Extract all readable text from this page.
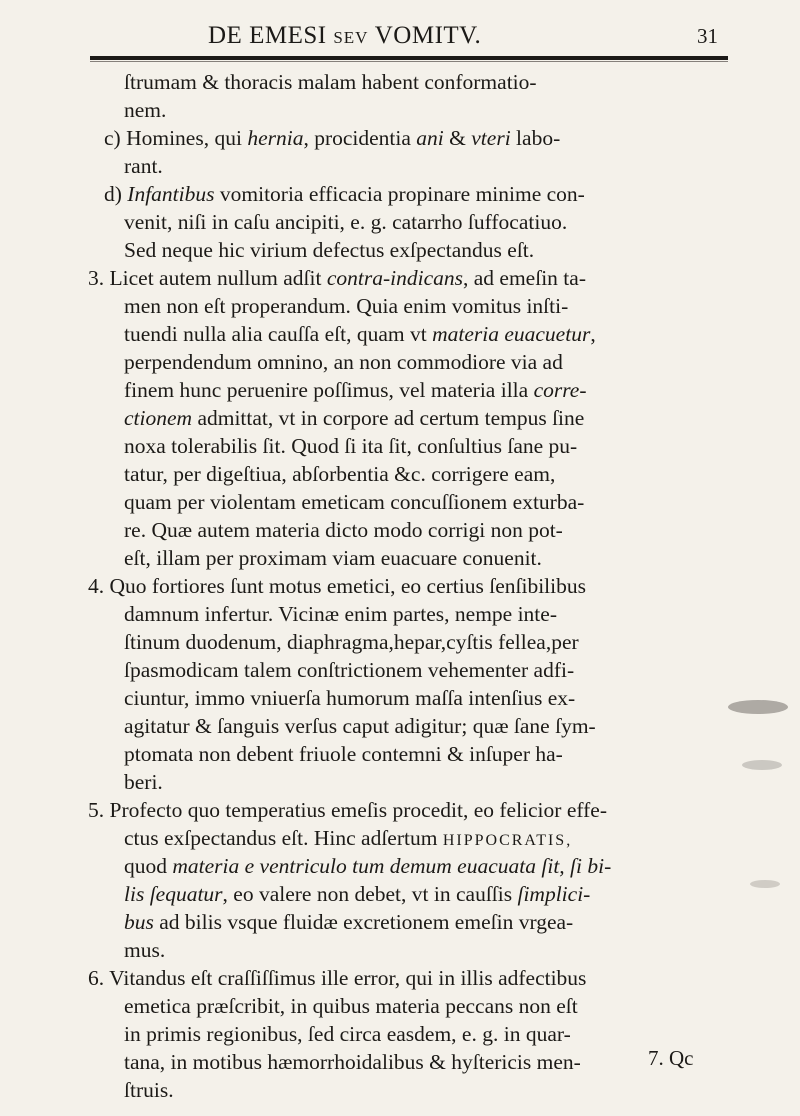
DE EMESI SEV VOMITV.	31
ſtrumam & thoracis malam habent conformatio-
nem.
c) Homines, qui hernia, procidentia ani & vteri labo-
rant.
d) Infantibus vomitoria efficacia propinare minime con-
venit, niſi in caſu ancipiti, e. g. catarrho ſuffocatiuo.
Sed neque hic virium defectus exſpectandus eſt.
3. Licet autem nullum adſit contra-indicans, ad emeſin ta-
men non eſt properandum. Quia enim vomitus inſti-
tuendi nulla alia cauſſa eſt, quam vt materia euacuetur,
perpendendum omnino, an non commodiore via ad
finem hunc peruenire poſſimus, vel materia illa corre-
ctionem admittat, vt in corpore ad certum tempus ſine
noxa tolerabilis ſit. Quod ſi ita ſit, conſultius ſane pu-
tatur, per digeſtiua, abſorbentia &c. corrigere eam,
quam per violentam emeticam concuſſionem exturba-
re. Quæ autem materia dicto modo corrigi non pot-
eſt, illam per proximam viam euacuare conuenit.
4. Quo fortiores ſunt motus emetici, eo certius ſenſibilibus
damnum infertur. Vicinæ enim partes, nempe inte-
ſtinum duodenum, diaphragma,hepar,cyſtis fellea,per
ſpasmodicam talem conſtrictionem vehementer adfi-
ciuntur, immo vniuerſa humorum maſſa intenſius ex-
agitatur & ſanguis verſus caput adigitur; quæ ſane ſym-
ptomata non debent friuole contemni & inſuper ha-
beri.
5. Profecto quo temperatius emeſis procedit, eo felicior effe-
ctus exſpectandus eſt. Hinc adſertum HIPPOCRATIS,
quod materia e ventriculo tum demum euacuata ſit, ſi bi-
lis ſequatur, eo valere non debet, vt in cauſſis ſimplici-
bus ad bilis vsque fluidæ excretionem emeſin vrgea-
mus.
6. Vitandus eſt craſſiſſimus ille error, qui in illis adfectibus
emetica præſcribit, in quibus materia peccans non eſt
in primis regionibus, ſed circa easdem, e. g. in quar-
tana, in motibus hæmorrhoidalibus & hyſtericis men-
ſtruis.
7. Qc
